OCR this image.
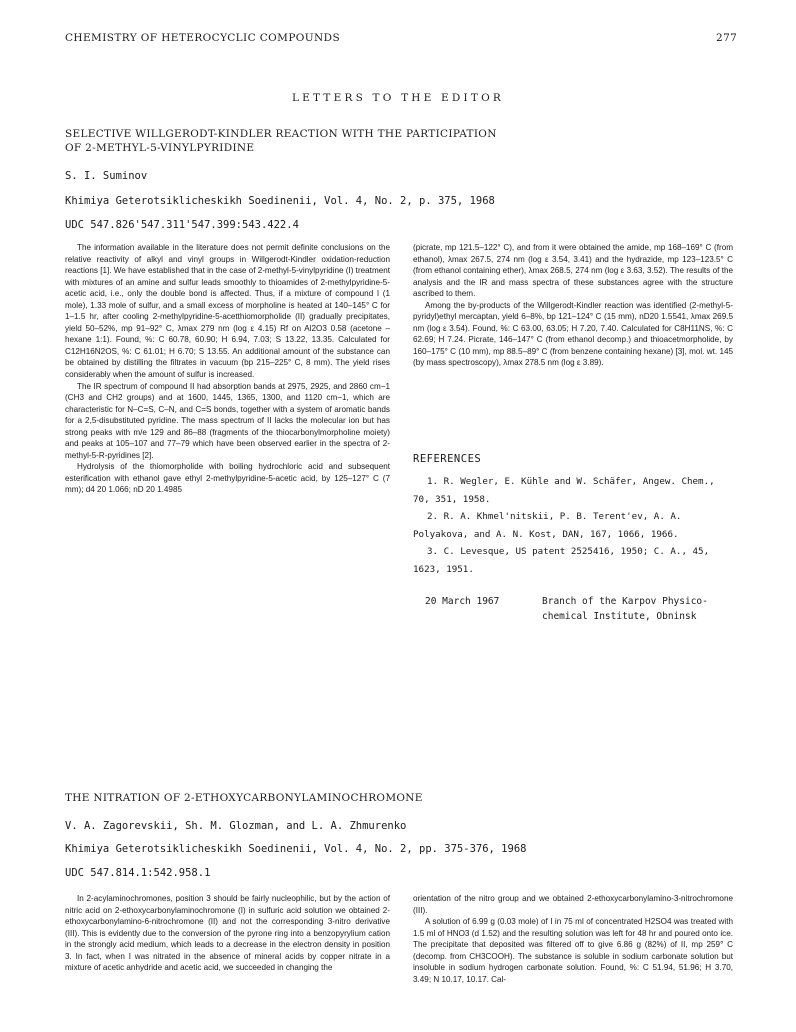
CHEMISTRY OF HETEROCYCLIC COMPOUNDS	277
LETTERS TO THE EDITOR
SELECTIVE WILLGERODT-KINDLER REACTION WITH THE PARTICIPATION
OF 2-METHYL-5-VINYLPYRIDINE
S. I. Suminov
Khimiya Geterotsiklicheskikh Soedinenii, Vol. 4, No. 2, p. 375, 1968
UDC 547.826'547.311'547.399:543.422.4

The information available in the literature does not permit definite conclusions on the relative reactivity of alkyl and vinyl groups in Willgerodt-Kindler oxidation-reduction reactions [1]. We have established that in the case of 2-methyl-5-vinylpyridine (I) treatment with mixtures of an amine and sulfur leads smoothly to thioamides of 2-methylpyridine-5-acetic acid, i.e., only the double bond is affected. Thus, if a mixture of compound I (1 mole), 1.33 mole of sulfur, and a small excess of morpholine is heated at 140–145° C for 1–1.5 hr, after cooling 2-methylpyridine-5-acetthiomorpholide (II) gradually precipitates, yield 50–52%, mp 91–92° C, λmax 279 nm (log ε 4.15) Rf on Al2O3 0.58 (acetone – hexane 1:1). Found, %: C 60.78, 60.90; H 6.94, 7.03; S 13.22, 13.35. Calculated for C12H16N2OS, %: C 61.01; H 6.70; S 13.55. An additional amount of the substance can be obtained by distilling the filtrates in vacuum (bp 215–225° C, 8 mm). The yield rises considerably when the amount of sulfur is increased.

The IR spectrum of compound II had absorption bands at 2975, 2925, and 2860 cm−1 (CH3 and CH2 groups) and at 1600, 1445, 1365, 1300, and 1120 cm−1, which are characteristic for N–C=S, C–N, and C=S bonds, together with a system of aromatic bands for a 2,5-disubstituted pyridine. The mass spectrum of II lacks the molecular ion but has strong peaks with m/e 129 and 86–88 (fragments of the thiocarbonylmorpholine moiety) and peaks at 105–107 and 77–79 which have been observed earlier in the spectra of 2-methyl-5-R-pyridines [2].

Hydrolysis of the thiomorpholide with boiling hydrochloric acid and subsequent esterification with ethanol gave ethyl 2-methylpyridine-5-acetic acid, by 125–127° C (7 mm); d4 20 1.066; nD 20 1.4985

(picrate, mp 121.5–122° C), and from it were obtained the amide, mp 168–169° C (from ethanol), λmax 267.5, 274 nm (log ε 3.54, 3.41) and the hydrazide, mp 123–123.5° C (from ethanol containing ether), λmax 268.5, 274 nm (log ε 3.63, 3.52). The results of the analysis and the IR and mass spectra of these substances agree with the structure ascribed to them.

Among the by-products of the Willgerodt-Kindler reaction was identified (2-methyl-5-pyridyl)ethyl mercaptan, yield 6–8%, bp 121–124° C (15 mm), nD20 1.5541, λmax 269.5 nm (log ε 3.54). Found, %: C 63.00, 63.05; H 7.20, 7.40. Calculated for C8H11NS, %: C 62.69; H 7.24. Picrate, 146–147° C (from ethanol decomp.) and thioacetmorpholide, by 160–175° C (10 mm), mp 88.5–89° C (from benzene containing hexane) [3], mol. wt. 145 (by mass spectroscopy), λmax 278.5 nm (log ε 3.89).

REFERENCES

1. R. Wegler, E. Kühle and W. Schäfer, Angew. Chem., 70, 351, 1958.

2. R. A. Khmel'nitskii, P. B. Terent'ev, A. A. Polyakova, and A. N. Kost, DAN, 167, 1066, 1966.

3. C. Levesque, US patent 2525416, 1950; C. A., 45, 1623, 1951.

20 March 1967	Branch of the Karpov Physico-
chemical Institute, Obninsk
THE NITRATION OF 2-ETHOXYCARBONYLAMINOCHROMONE
V. A. Zagorevskii, Sh. M. Glozman, and L. A. Zhmurenko
Khimiya Geterotsiklicheskikh Soedinenii, Vol. 4, No. 2, pp. 375-376, 1968
UDC 547.814.1:542.958.1

In 2-acylaminochromones, position 3 should be fairly nucleophilic, but by the action of nitric acid on 2-ethoxycarbonylaminochromone (I) in sulfuric acid solution we obtained 2-ethoxycarbonylamino-6-nitrochromone (II) and not the corresponding 3-nitro derivative (III). This is evidently due to the conversion of the pyrone ring into a benzopyrylium cation in the strongly acid medium, which leads to a decrease in the electron density in position 3. In fact, when I was nitrated in the absence of mineral acids by copper nitrate in a mixture of acetic anhydride and acetic acid, we succeeded in changing the

orientation of the nitro group and we obtained 2-ethoxycarbonylamino-3-nitrochromone (III).

A solution of 6.99 g (0.03 mole) of I in 75 ml of concentrated H2SO4 was treated with 1.5 ml of HNO3 (d 1.52) and the resulting solution was left for 48 hr and poured onto ice. The precipitate that deposited was filtered off to give 6.86 g (82%) of II, mp 259° C (decomp. from CH3COOH). The substance is soluble in sodium carbonate solution but insoluble in sodium hydrogen carbonate solution. Found, %: C 51.94, 51.96; H 3.70, 3.49; N 10.17, 10.17. Cal-
